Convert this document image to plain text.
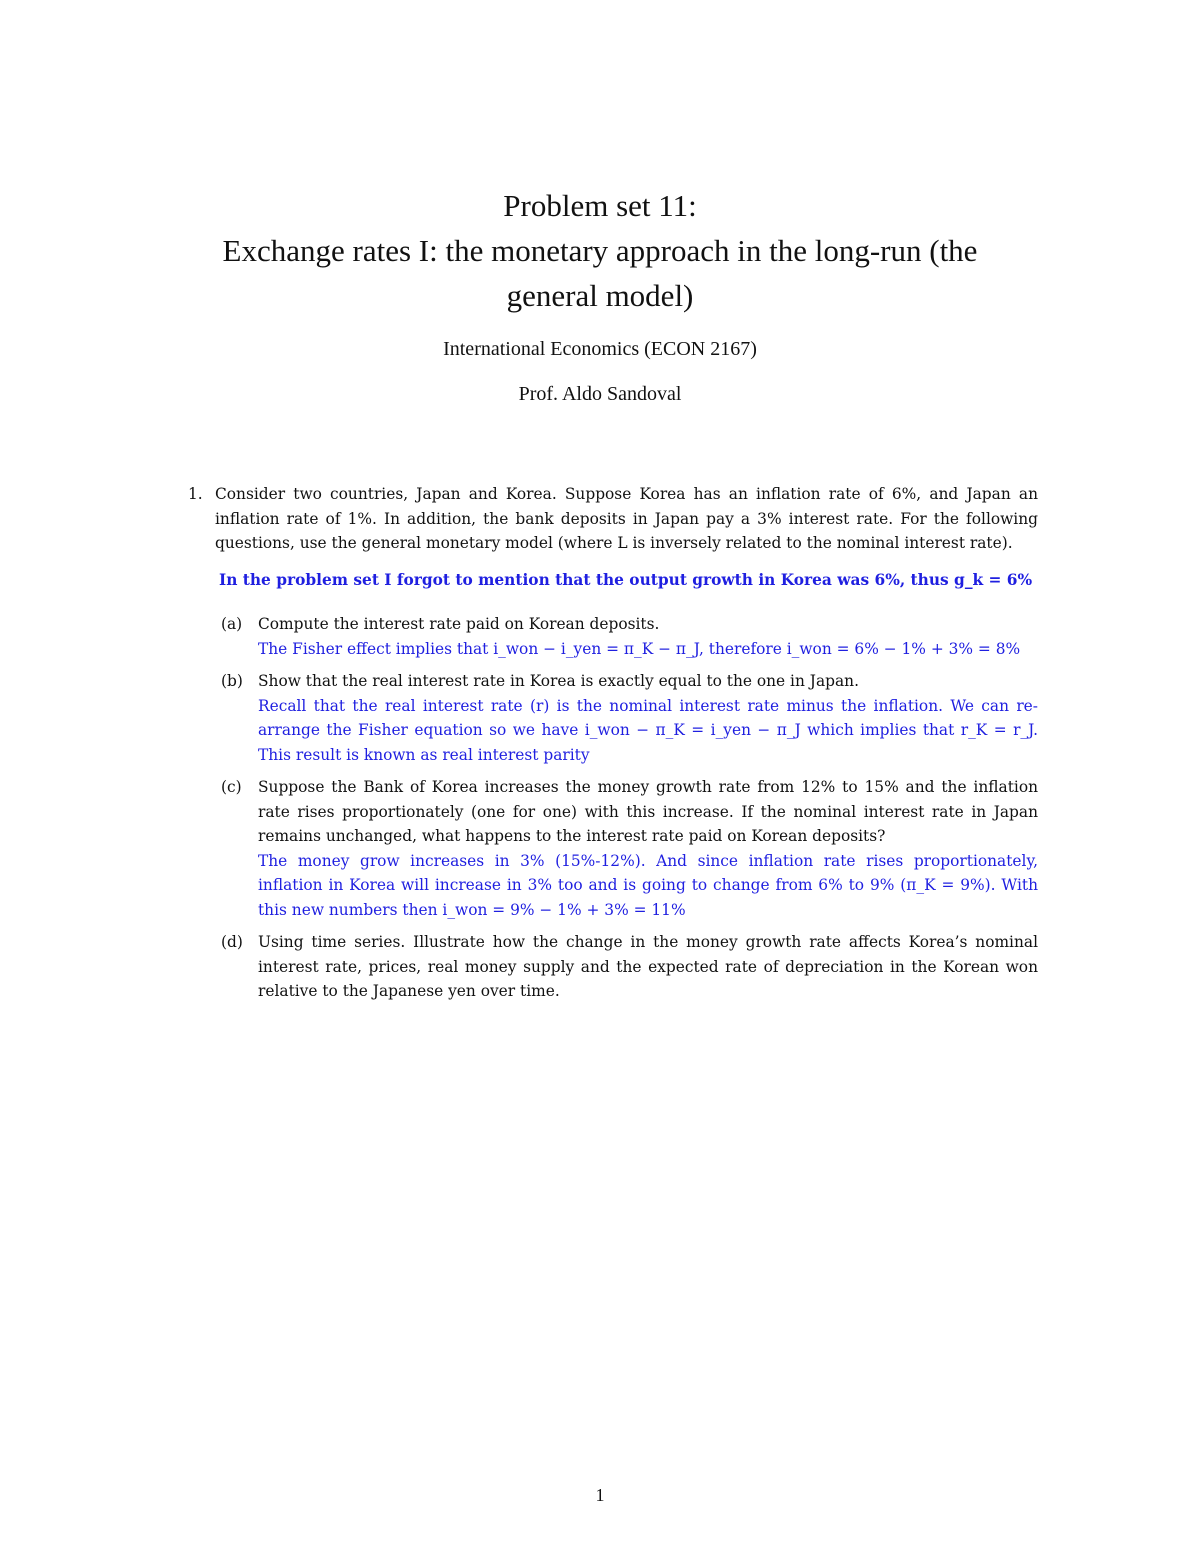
Problem set 11:

Exchange rates I: the monetary approach in the long-run (the

general model)

International Economics (ECON 2167)
Prof. Aldo Sandoval
1. Consider two countries, Japan and Korea. Suppose Korea has an inflation rate of 6%, and Japan an inflation rate of 1%. In addition, the bank deposits in Japan pay a 3% interest rate. For the following questions, use the general monetary model (where L is inversely related to the nominal interest rate).
In the problem set I forgot to mention that the output growth in Korea was 6%, thus g_k = 6%
(a) Compute the interest rate paid on Korean deposits.
The Fisher effect implies that i_won − i_yen = π_K − π_J, therefore i_won = 6% − 1% + 3% = 8%
(b) Show that the real interest rate in Korea is exactly equal to the one in Japan.
Recall that the real interest rate (r) is the nominal interest rate minus the inflation. We can re-arrange the Fisher equation so we have i_won − π_K = i_yen − π_J which implies that r_K = r_J. This result is known as real interest parity
(c) Suppose the Bank of Korea increases the money growth rate from 12% to 15% and the inflation rate rises proportionately (one for one) with this increase. If the nominal interest rate in Japan remains unchanged, what happens to the interest rate paid on Korean deposits?
The money grow increases in 3% (15%-12%). And since inflation rate rises proportionately, inflation in Korea will increase in 3% too and is going to change from 6% to 9% (π_K = 9%). With this new numbers then i_won = 9% − 1% + 3% = 11%
(d) Using time series. Illustrate how the change in the money growth rate affects Korea’s nominal interest rate, prices, real money supply and the expected rate of depreciation in the Korean won relative to the Japanese yen over time.
1
